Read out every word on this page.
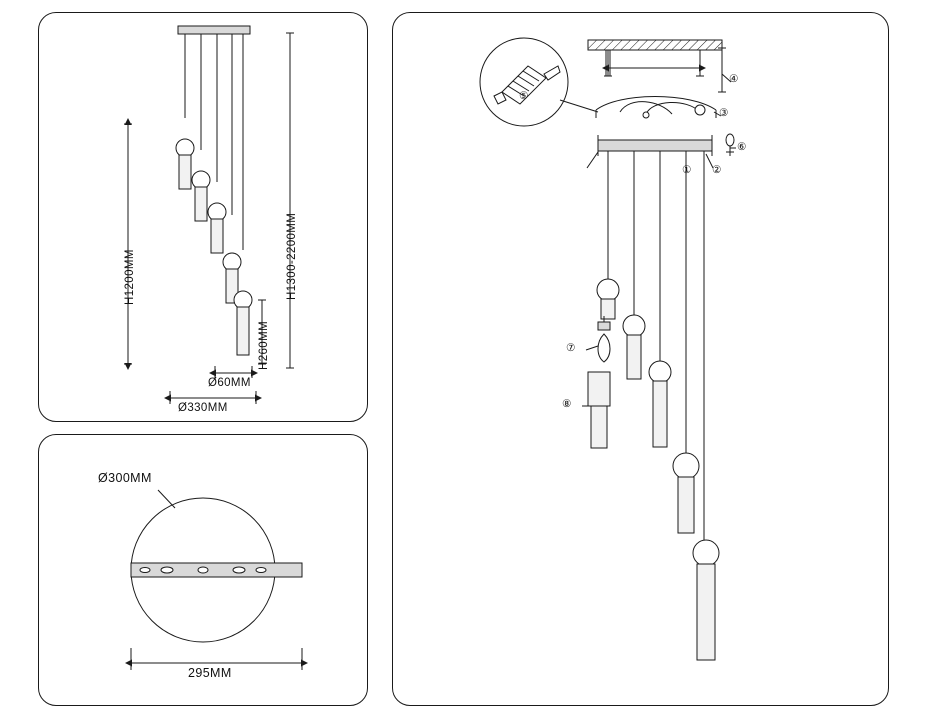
H1200MM	H1300-2200MM
H260MM
Ø60MM
Ø330MM
Ø300MM
295MM
① ②
③
④
⑤
⑥
⑦
⑧
